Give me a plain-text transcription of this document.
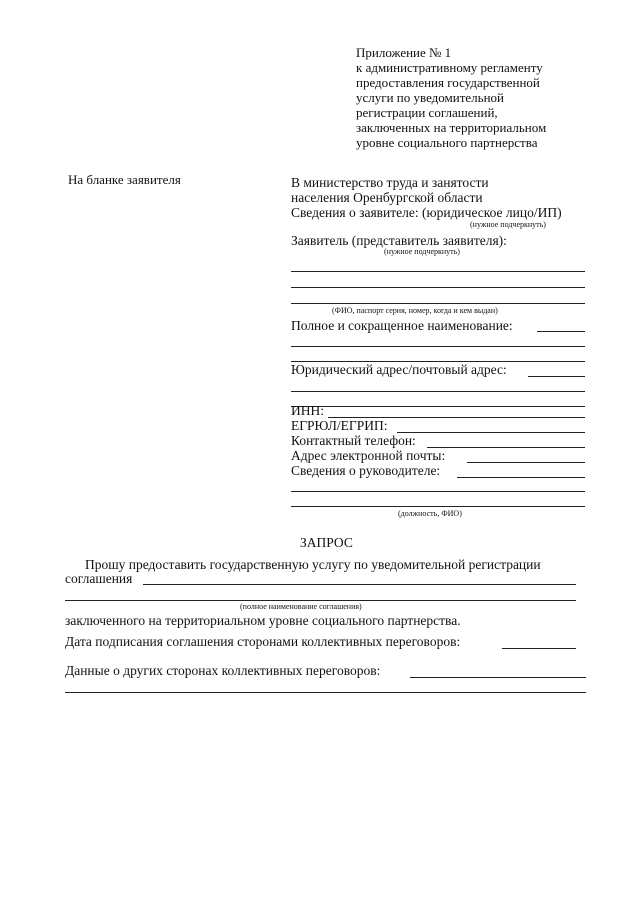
Приложение № 1
к административному регламенту
предоставления государственной
услуги по уведомительной
регистрации соглашений,
заключенных на территориальном
уровне социального партнерства
На бланке заявителя	В министерство труда и занятости
населения Оренбургской области
Сведения о заявителе: (юридическое лицо/ИП)
(нужное подчеркнуть)
Заявитель (представитель заявителя):
(нужное подчеркнуть)
(ФИО, паспорт серия, номер, когда и кем выдан)
Полное и сокращенное наименование:
Юридический адрес/почтовый адрес:
ИНН:
ЕГРЮЛ/ЕГРИП:
Контактный телефон:
Адрес электронной почты:
Сведения о руководителе:
(должность, ФИО)
ЗАПРОС
Прошу предоставить государственную услугу по уведомительной регистрации
соглашения
(полное наименование соглашения)
заключенного на территориальном уровне социального партнерства.
Дата подписания соглашения сторонами коллективных переговоров:
Данные о других сторонах коллективных переговоров:
